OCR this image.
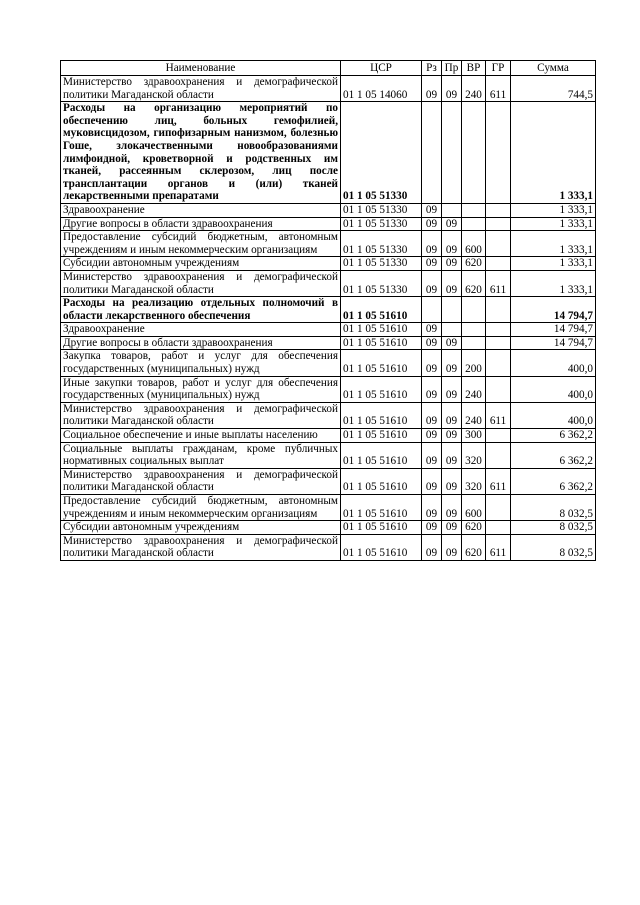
Наименование	ЦСР	Рз	Пр	ВР	ГР	Сумма
Министерство здравоохранения и демографической политики Магаданской области	01 1 05 14060	09	09	240	611	744,5
Расходы на организацию мероприятий по обеспечению лиц, больных гемофилией, муковисцидозом, гипофизарным нанизмом, болезнью Гоше, злокачественными новообразованиями лимфоидной, кроветворной и родственных им тканей, рассеянным склерозом, лиц после трансплантации органов и (или) тканей лекарственными препаратами	01 1 05 51330					1 333,1
Здравоохранение	01 1 05 51330	09				1 333,1
Другие вопросы в области здравоохранения	01 1 05 51330	09	09			1 333,1
Предоставление субсидий бюджетным, автономным учреждениям и иным некоммерческим организациям	01 1 05 51330	09	09	600		1 333,1
Субсидии автономным учреждениям	01 1 05 51330	09	09	620		1 333,1
Министерство здравоохранения и демографической политики Магаданской области	01 1 05 51330	09	09	620	611	1 333,1
Расходы на реализацию отдельных полномочий в области лекарственного обеспечения	01 1 05 51610					14 794,7
Здравоохранение	01 1 05 51610	09				14 794,7
Другие вопросы в области здравоохранения	01 1 05 51610	09	09			14 794,7
Закупка товаров, работ и услуг для обеспечения государственных (муниципальных) нужд	01 1 05 51610	09	09	200		400,0
Иные закупки товаров, работ и услуг для обеспечения государственных (муниципальных) нужд	01 1 05 51610	09	09	240		400,0
Министерство здравоохранения и демографической политики Магаданской области	01 1 05 51610	09	09	240	611	400,0
Социальное обеспечение и иные выплаты населению	01 1 05 51610	09	09	300		6 362,2
Социальные выплаты гражданам, кроме публичных нормативных социальных выплат	01 1 05 51610	09	09	320		6 362,2
Министерство здравоохранения и демографической политики Магаданской области	01 1 05 51610	09	09	320	611	6 362,2
Предоставление субсидий бюджетным, автономным учреждениям и иным некоммерческим организациям	01 1 05 51610	09	09	600		8 032,5
Субсидии автономным учреждениям	01 1 05 51610	09	09	620		8 032,5
Министерство здравоохранения и демографической политики Магаданской области	01 1 05 51610	09	09	620	611	8 032,5
